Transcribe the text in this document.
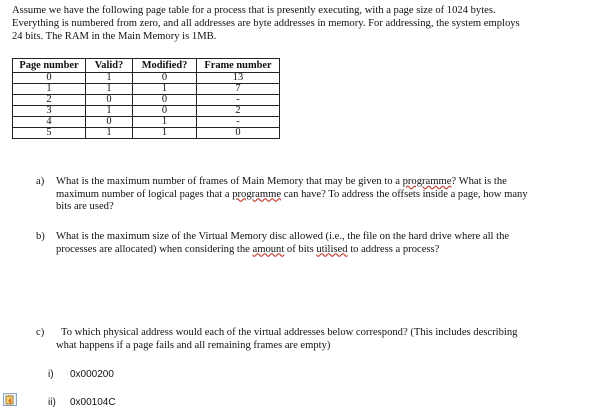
Assume we have the following page table for a process that is presently executing, with a page size of 1024 bytes.
Everything is numbered from zero, and all addresses are byte addresses in memory. For addressing, the system employs
24 bits. The RAM in the Main Memory is 1MB.

Page number	Valid?	Modified?	Frame number
0	1	0	13
1	1	1	7
2	0	0	-
3	1	0	2
4	0	1	-
5	1	1	0
a) What is the maximum number of frames of Main Memory that may be given to a programme? What is the
maximum number of logical pages that a programme can have? To address the offsets inside a page, how many
bits are used?
b) What is the maximum size of the Virtual Memory disc allowed (i.e., the file on the hard drive where all the
processes are allocated) when considering the amount of bits utilised to address a process?
c)	To which physical address would each of the virtual addresses below correspond? (This includes describing
what happens if a page fails and all remaining frames are empty)
i) 0x000200
ii) 0x00104C
